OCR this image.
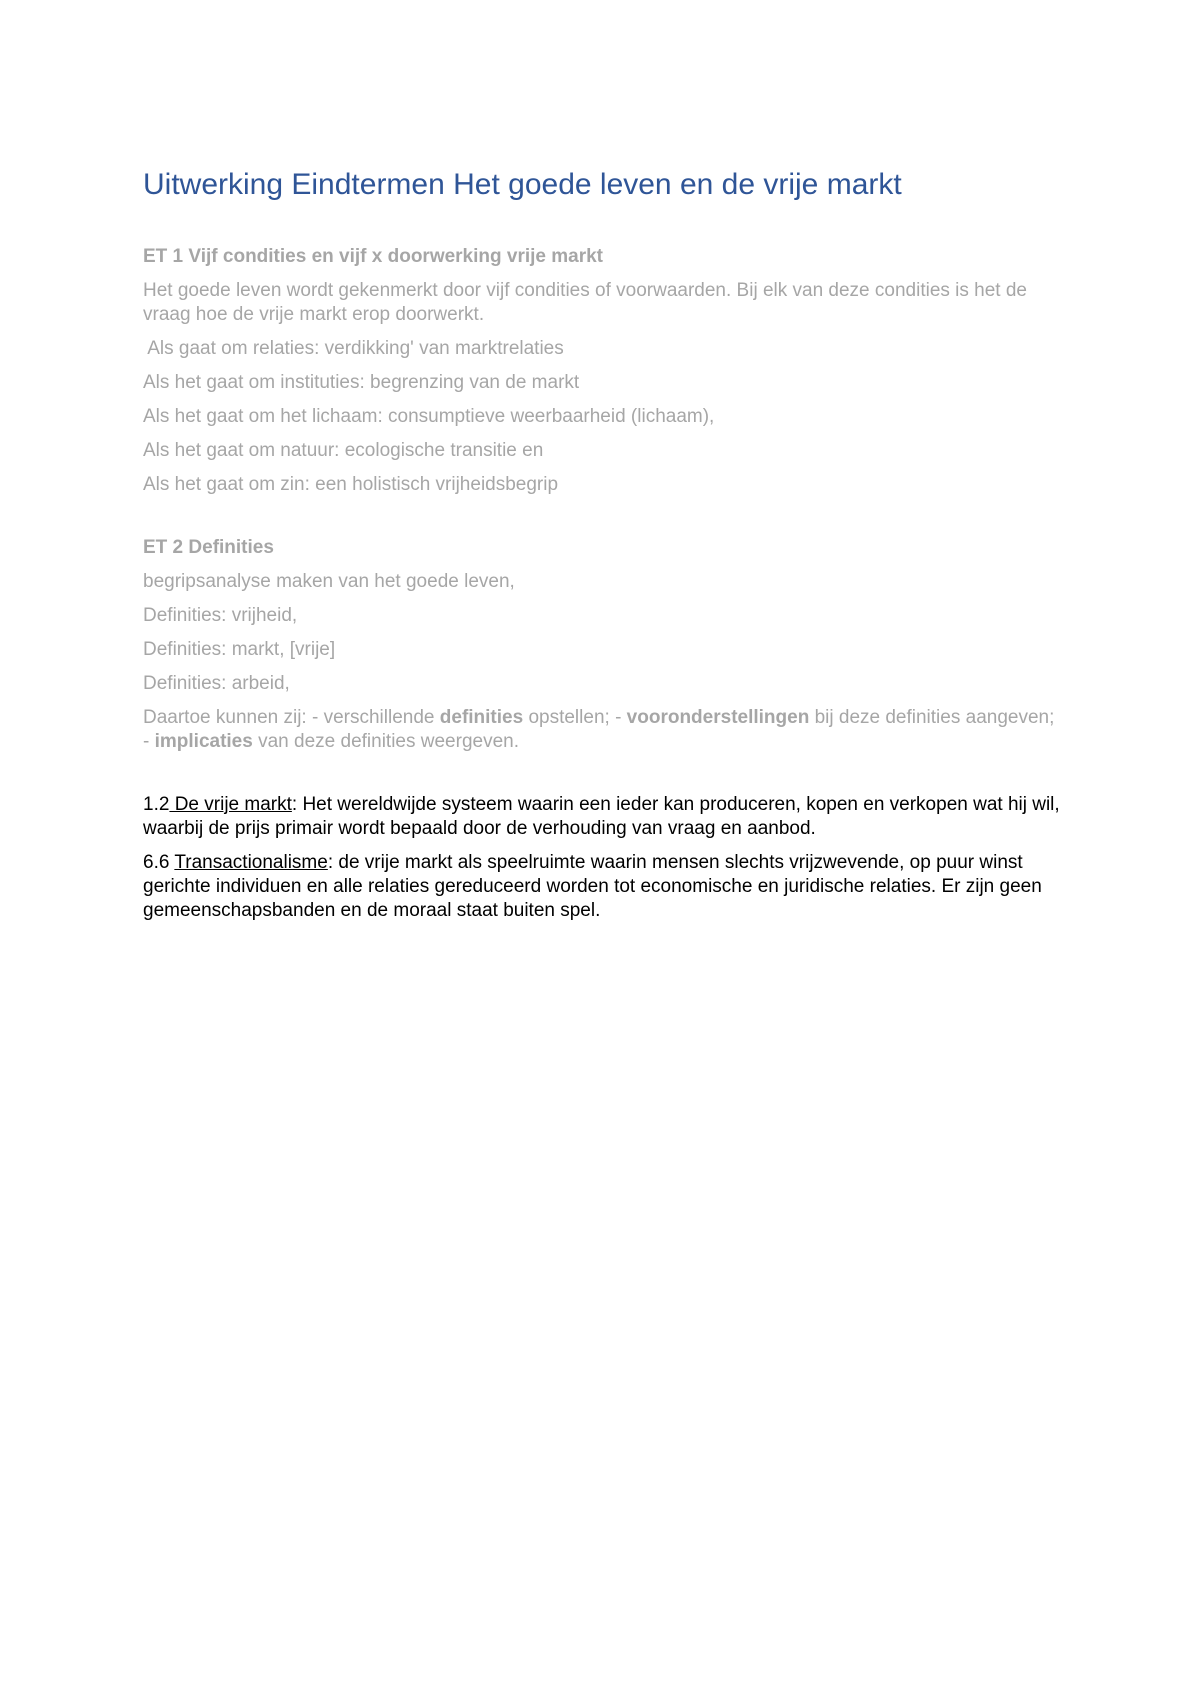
Uitwerking Eindtermen Het goede leven en de vrije markt
ET 1 Vijf condities en vijf x doorwerking vrije markt
Het goede leven wordt gekenmerkt door vijf condities of voorwaarden. Bij elk van deze condities is het de vraag hoe de vrije markt erop doorwerkt.
Als gaat om relaties: verdikking' van marktrelaties
Als het gaat om instituties: begrenzing van de markt
Als het gaat om het lichaam: consumptieve weerbaarheid (lichaam),
Als het gaat om natuur: ecologische transitie en
Als het gaat om zin: een holistisch vrijheidsbegrip
ET 2 Definities
begripsanalyse maken van het goede leven,
Definities: vrijheid,
Definities: markt, [vrije]
Definities: arbeid,
Daartoe kunnen zij: - verschillende definities opstellen; - vooronderstellingen bij deze definities aangeven; - implicaties van deze definities weergeven.
1.2 De vrije markt: Het wereldwijde systeem waarin een ieder kan produceren, kopen en verkopen wat hij wil, waarbij de prijs primair wordt bepaald door de verhouding van vraag en aanbod.
6.6 Transactionalisme: de vrije markt als speelruimte waarin mensen slechts vrijzwevende, op puur winst gerichte individuen en alle relaties gereduceerd worden tot economische en juridische relaties. Er zijn geen gemeenschapsbanden en de moraal staat buiten spel.
